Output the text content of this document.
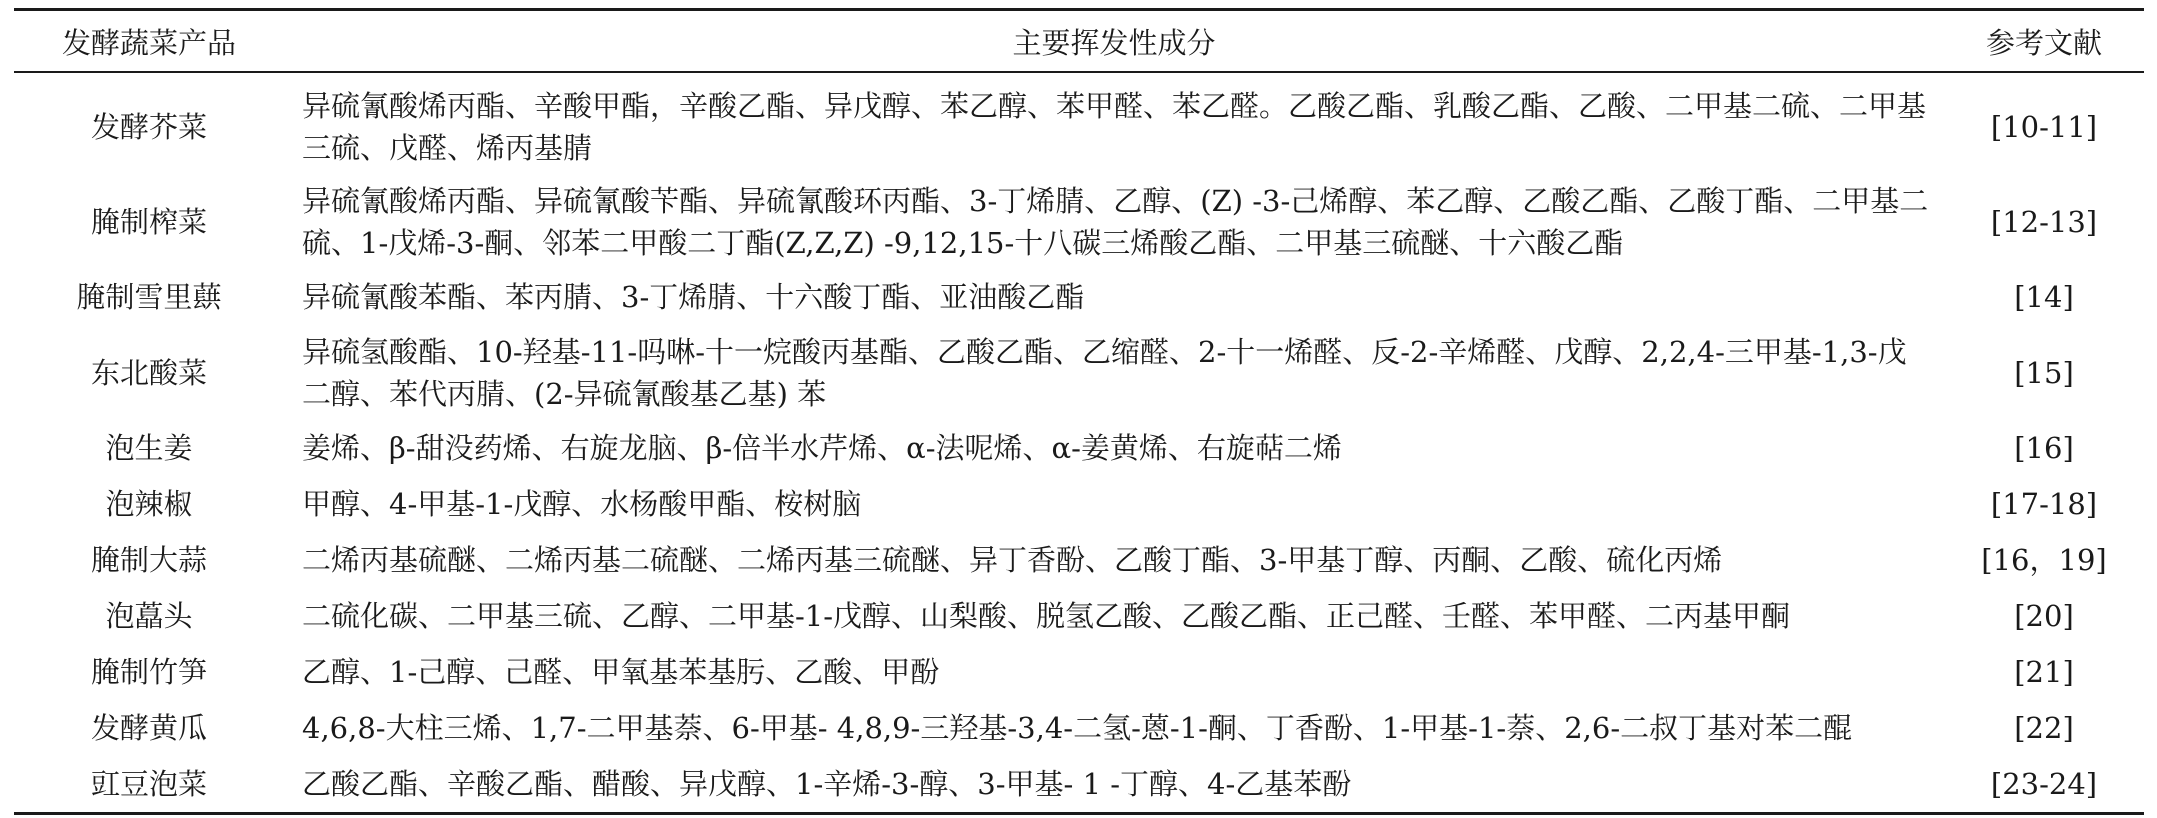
发酵蔬菜产品	主要挥发性成分	参考文献
发酵芥菜	异硫氰酸烯丙酯、辛酸甲酯，辛酸乙酯、异戊醇、苯乙醇、苯甲醛、苯乙醛。乙酸乙酯、乳酸乙酯、乙酸、二甲基二硫、二甲基三硫、戊醛、烯丙基腈	[10-11]
腌制榨菜	异硫氰酸烯丙酯、异硫氰酸苄酯、异硫氰酸环丙酯、3-丁烯腈、乙醇、(Z) -3-己烯醇、苯乙醇、乙酸乙酯、乙酸丁酯、二甲基二硫、1-戊烯-3-酮、邻苯二甲酸二丁酯(Z,Z,Z) -9,12,15-十八碳三烯酸乙酯、二甲基三硫醚、十六酸乙酯	[12-13]
腌制雪里蕻	异硫氰酸苯酯、苯丙腈、3-丁烯腈、十六酸丁酯、亚油酸乙酯	[14]
东北酸菜	异硫氢酸酯、10-羟基-11-吗啉-十一烷酸丙基酯、乙酸乙酯、乙缩醛、2-十一烯醛、反-2-辛烯醛、戊醇、2,2,4-三甲基-1,3-戊二醇、苯代丙腈、(2-异硫氰酸基乙基) 苯	[15]
泡生姜	姜烯、β-甜没药烯、右旋龙脑、β-倍半水芹烯、α-法呢烯、α-姜黄烯、右旋萜二烯	[16]
泡辣椒	甲醇、4-甲基-1-戊醇、水杨酸甲酯、桉树脑	[17-18]
腌制大蒜	二烯丙基硫醚、二烯丙基二硫醚、二烯丙基三硫醚、异丁香酚、乙酸丁酯、3-甲基丁醇、丙酮、乙酸、硫化丙烯	[16，19]
泡藠头	二硫化碳、二甲基三硫、乙醇、二甲基-1-戊醇、山梨酸、脱氢乙酸、乙酸乙酯、正己醛、壬醛、苯甲醛、二丙基甲酮	[20]
腌制竹笋	乙醇、1-己醇、己醛、甲氧基苯基肟、乙酸、甲酚	[21]
发酵黄瓜	4,6,8-大柱三烯、1,7-二甲基萘、6-甲基- 4,8,9-三羟基-3,4-二氢-蒽-1-酮、丁香酚、1-甲基-1-萘、2,6-二叔丁基对苯二醌	[22]
豇豆泡菜	乙酸乙酯、辛酸乙酯、醋酸、异戊醇、1-辛烯-3-醇、3-甲基- 1 -丁醇、4-乙基苯酚	[23-24]
